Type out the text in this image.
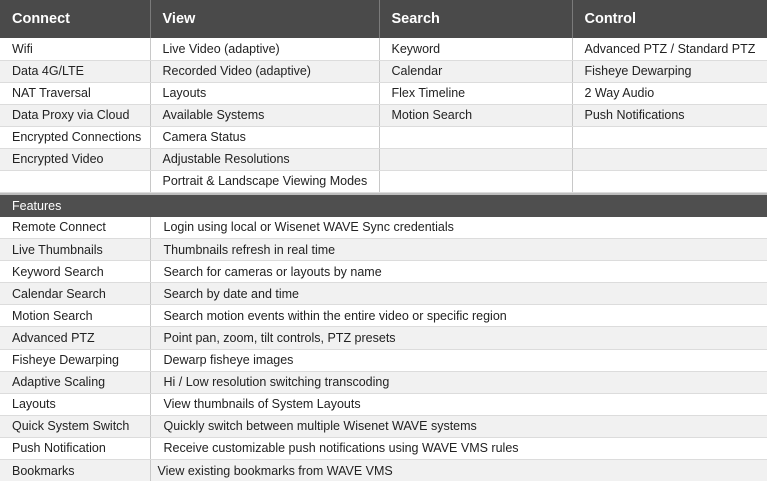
Connect	View	Search	Control
Wifi	Live Video (adaptive)	Keyword	Advanced PTZ / Standard PTZ
Data 4G/LTE	Recorded Video (adaptive)	Calendar	Fisheye Dewarping
NAT Traversal	Layouts	Flex Timeline	2 Way Audio
Data Proxy via Cloud	Available Systems	Motion Search	Push Notifications
Encrypted Connections	Camera Status		
Encrypted Video	Adjustable Resolutions		
	Portrait & Landscape Viewing Modes		
Features
Remote Connect	Login using local or Wisenet WAVE Sync credentials
Live Thumbnails	Thumbnails refresh in real time
Keyword Search	Search for cameras or layouts by name
Calendar Search	Search by date and time
Motion Search	Search motion events within the entire video or specific region
Advanced PTZ	Point pan, zoom, tilt controls, PTZ presets
Fisheye Dewarping	Dewarp fisheye images
Adaptive Scaling	Hi / Low resolution switching transcoding
Layouts	View thumbnails of System Layouts
Quick System Switch	Quickly switch between multiple Wisenet WAVE systems
Push Notification	Receive customizable push notifications using WAVE VMS rules
Bookmarks	View existing bookmarks from WAVE VMS
